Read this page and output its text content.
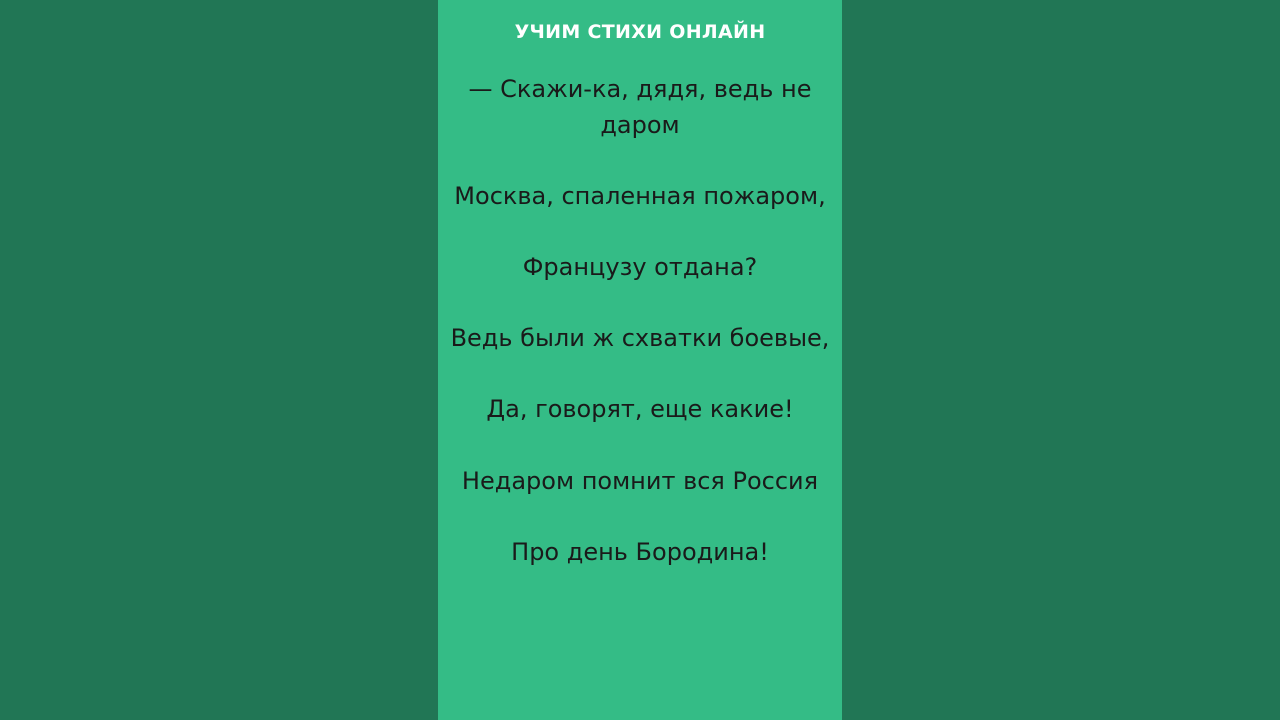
УЧИМ СТИХИ ОНЛАЙН
— Скажи-ка, дядя, ведь не даром
Москва, спаленная пожаром,
Французу отдана?
Ведь были ж схватки боевые,
Да, говорят, еще какие!
Недаром помнит вся Россия
Про день Бородина!
